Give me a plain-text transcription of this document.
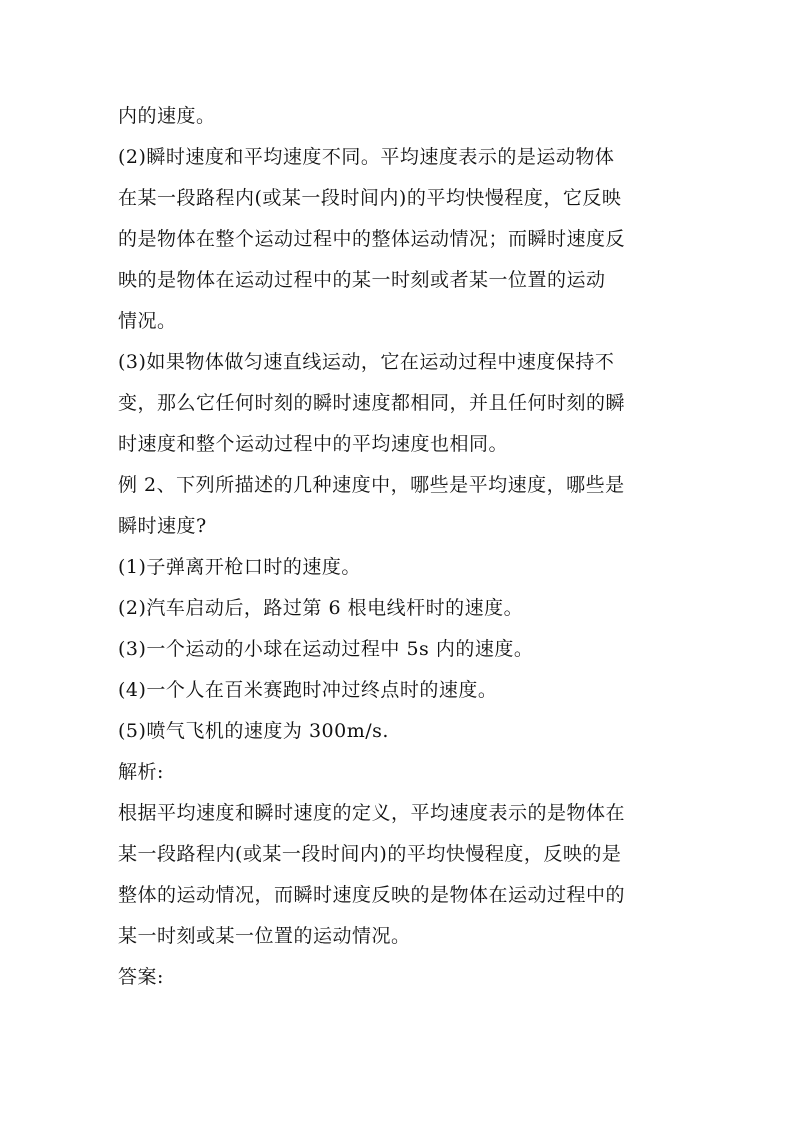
内的速度。
(2)瞬时速度和平均速度不同。平均速度表示的是运动物体
在某一段路程内(或某一段时间内)的平均快慢程度，它反映
的是物体在整个运动过程中的整体运动情况；而瞬时速度反
映的是物体在运动过程中的某一时刻或者某一位置的运动
情况。
(3)如果物体做匀速直线运动，它在运动过程中速度保持不
变，那么它任何时刻的瞬时速度都相同，并且任何时刻的瞬
时速度和整个运动过程中的平均速度也相同。
例 2、下列所描述的几种速度中，哪些是平均速度，哪些是
瞬时速度?
(1)子弹离开枪口时的速度。
(2)汽车启动后，路过第 6 根电线杆时的速度。
(3)一个运动的小球在运动过程中 5s 内的速度。
(4)一个人在百米赛跑时冲过终点时的速度。
(5)喷气飞机的速度为 300m/s.
解析:
根据平均速度和瞬时速度的定义，平均速度表示的是物体在
某一段路程内(或某一段时间内)的平均快慢程度，反映的是
整体的运动情况，而瞬时速度反映的是物体在运动过程中的
某一时刻或某一位置的运动情况。
答案:
